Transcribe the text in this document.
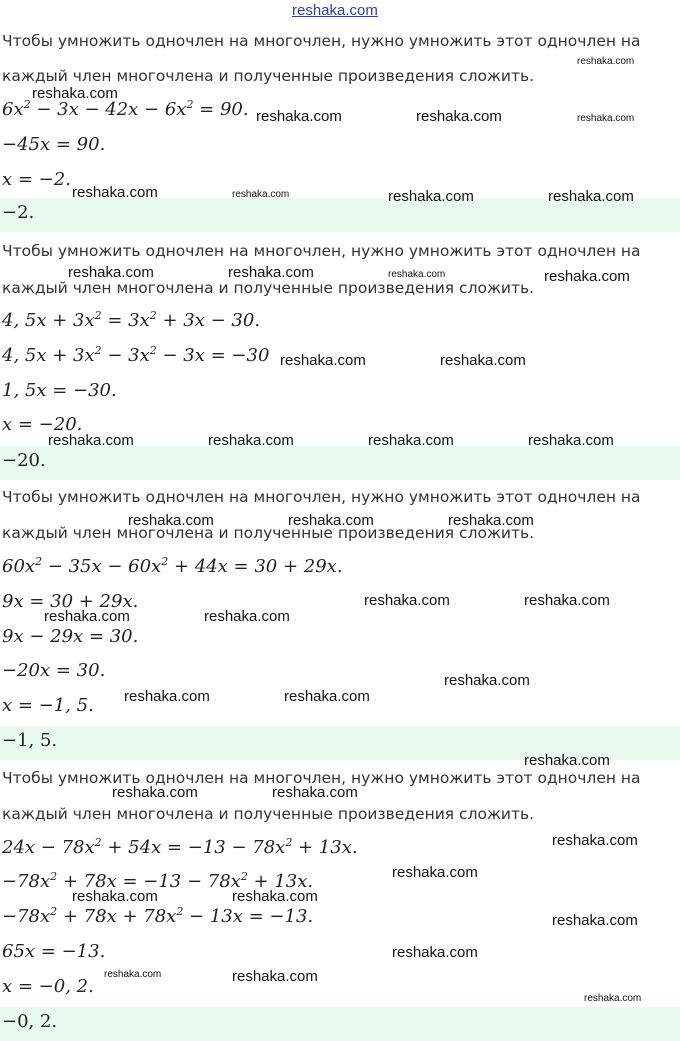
reshaka.com
Чтобы умножить одночлен на многочлен, нужно умножить этот одночлен на
каждый член многочлена и полученные произведения сложить.
$6x^2 - 3x - 42x - 6x^2 = 90$.
−45x = 90.
x = −2.
−2.
Чтобы умножить одночлен на многочлен, нужно умножить этот одночлен на
каждый член многочлена и полученные произведения сложить.
4, $5x + 3x^2 = 3x^2 + 3x - 30$.
4, $5x + 3x^2 - 3x^2 - 3x = -30$
1, 5x = −30.
x = −20.
−20.
Чтобы умножить одночлен на многочлен, нужно умножить этот одночлен на
каждый член многочлена и полученные произведения сложить.
$60x^2 - 35x - 60x^2 + 44x = 30 + 29x$.
9x = 30 + 29x.
9x − 29x = 30.
−20x = 30.
x = −1, 5.
−1, 5.
Чтобы умножить одночлен на многочлен, нужно умножить этот одночлен на
каждый член многочлена и полученные произведения сложить.
$24x - 78x^2 + 54x = -13 - 78x^2 + 13x$.
$-78x^2 + 78x = -13 - 78x^2 + 13x$.
$-78x^2 + 78x + 78x^2 - 13x = -13$.
65x = −13.
x = −0, 2.
−0, 2.
reshaka.com
reshaka.com
reshaka.com	reshaka.com	reshaka.com
reshaka.com	reshaka.com	reshaka.com	reshaka.com
reshaka.com	reshaka.com	reshaka.com	reshaka.com
reshaka.com	reshaka.com
reshaka.com	reshaka.com	reshaka.com	reshaka.com
reshaka.com	reshaka.com	reshaka.com
reshaka.com	reshaka.com
reshaka.com	reshaka.com
reshaka.com
reshaka.com	reshaka.com
reshaka.com
reshaka.com	reshaka.com
reshaka.com
reshaka.com
reshaka.com	reshaka.com
reshaka.com
reshaka.com
reshaka.com	reshaka.com
reshaka.com
